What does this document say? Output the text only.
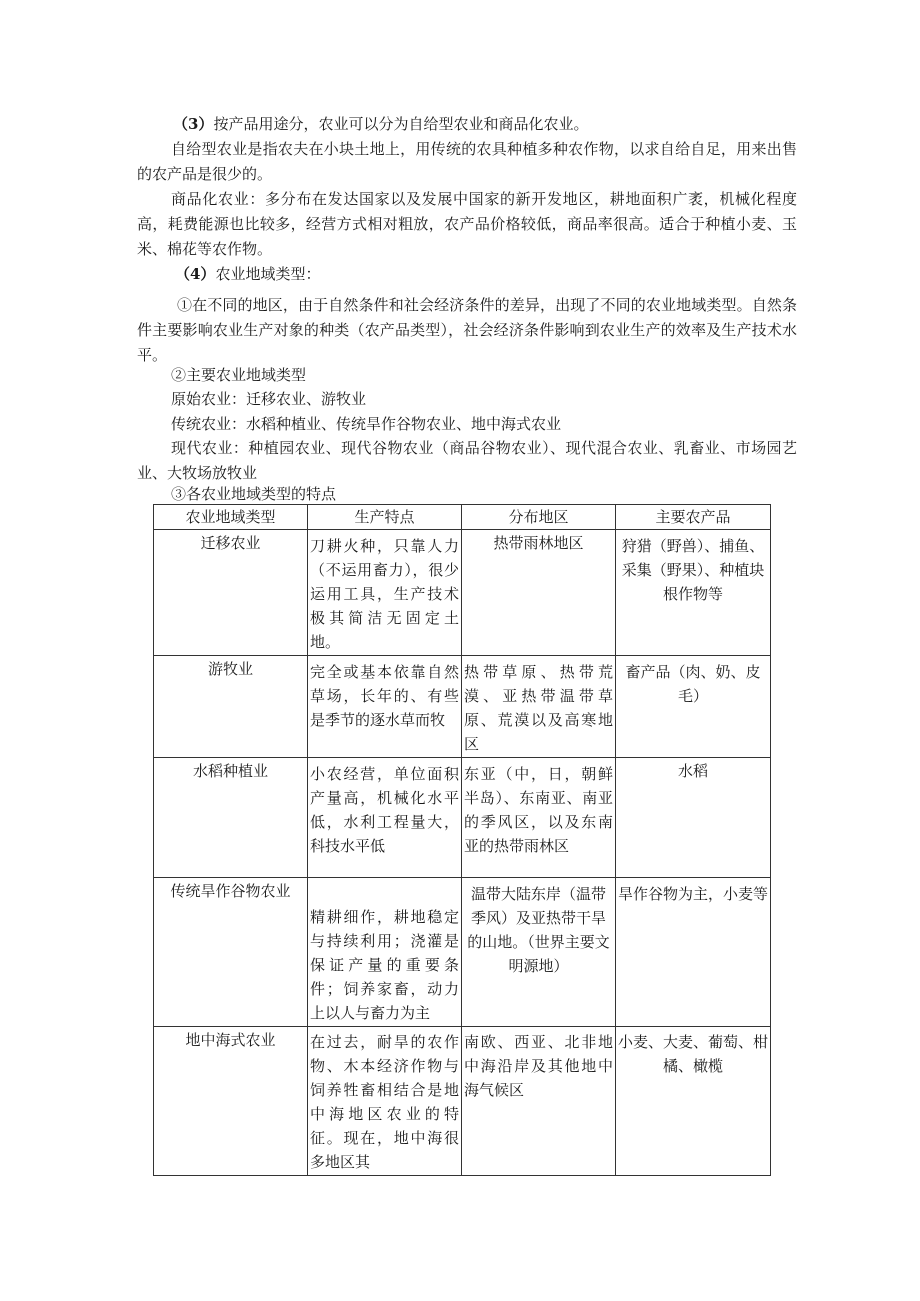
（3）按产品用途分，农业可以分为自给型农业和商品化农业。

自给型农业是指农夫在小块土地上，用传统的农具种植多种农作物，以求自给自足，用来出售的农产品是很少的。

商品化农业：多分布在发达国家以及发展中国家的新开发地区，耕地面积广袤，机械化程度高，耗费能源也比较多，经营方式相对粗放，农产品价格较低，商品率很高。适合于种植小麦、玉米、棉花等农作物。

（4）农业地域类型：

①在不同的地区，由于自然条件和社会经济条件的差异，出现了不同的农业地域类型。自然条件主要影响农业生产对象的种类（农产品类型），社会经济条件影响到农业生产的效率及生产技术水平。

②主要农业地域类型

原始农业：迁移农业、游牧业

传统农业：水稻种植业、传统旱作谷物农业、地中海式农业

现代农业：种植园农业、现代谷物农业（商品谷物农业）、现代混合农业、乳畜业、市场园艺业、大牧场放牧业

③各农业地域类型的特点

农业地域类型	生产特点	分布地区	主要农产品
迁移农业	刀耕火种，只靠人力（不运用畜力），很少运用工具，生产技术极其简洁无固定土地。	热带雨林地区	狩猎（野兽）、捕鱼、采集（野果）、种植块根作物等
游牧业	完全或基本依靠自然草场，长年的、有些是季节的逐水草而牧	热带草原、热带荒漠、亚热带温带草原、荒漠以及高寒地区	畜产品（肉、奶、皮毛）
水稻种植业	小农经营，单位面积产量高，机械化水平低，水利工程量大，科技水平低	东亚（中，日，朝鲜半岛）、东南亚、南亚的季风区，以及东南亚的热带雨林区	水稻
传统旱作谷物农业	精耕细作，耕地稳定与持续利用；浇灌是保证产量的重要条件；饲养家畜，动力上以人与畜力为主	温带大陆东岸（温带季风）及亚热带干旱的山地。（世界主要文明源地）	旱作谷物为主，小麦等
地中海式农业	在过去，耐旱的农作物、木本经济作物与饲养牲畜相结合是地中海地区农业的特征。现在，地中海很多地区其	南欧、西亚、北非地中海沿岸及其他地中海气候区	小麦、大麦、葡萄、柑橘、橄榄
